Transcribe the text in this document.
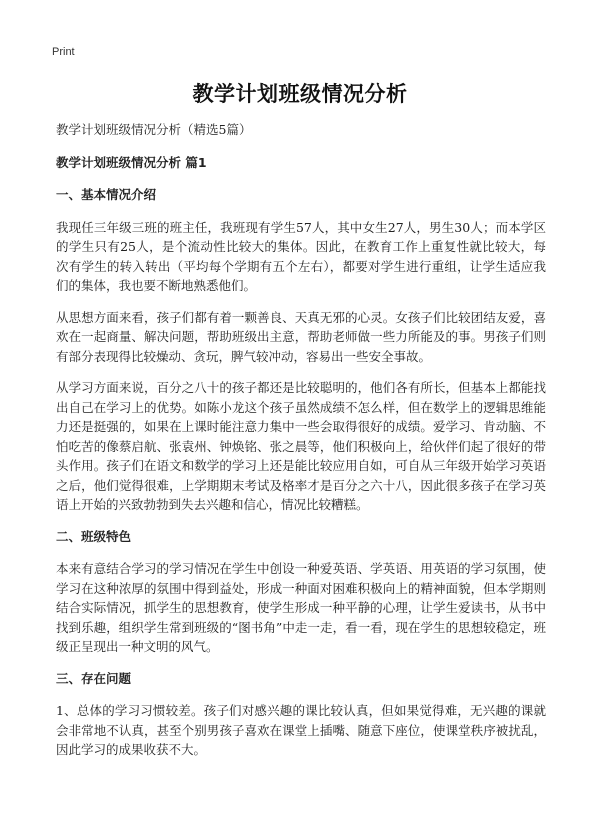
Print
教学计划班级情况分析

教学计划班级情况分析（精选5篇）

教学计划班级情况分析 篇1

一、基本情况介绍

我现任三年级三班的班主任，我班现有学生57人，其中女生27人，男生30人；而本学区的学生只有25人，是个流动性比较大的集体。因此，在教育工作上重复性就比较大，每次有学生的转入转出（平均每个学期有五个左右），都要对学生进行重组，让学生适应我们的集体，我也要不断地熟悉他们。

从思想方面来看，孩子们都有着一颗善良、天真无邪的心灵。女孩子们比较团结友爱，喜欢在一起商量、解决问题，帮助班级出主意，帮助老师做一些力所能及的事。男孩子们则有部分表现得比较燥动、贪玩，脾气较冲动，容易出一些安全事故。

从学习方面来说，百分之八十的孩子都还是比较聪明的，他们各有所长，但基本上都能找出自己在学习上的优势。如陈小龙这个孩子虽然成绩不怎么样，但在数学上的逻辑思维能力还是挺强的，如果在上课时能注意力集中一些会取得很好的成绩。爱学习、肯动脑、不怕吃苦的像蔡启航、张袁州、钟焕铭、张之晨等，他们积极向上，给伙伴们起了很好的带头作用。孩子们在语文和数学的学习上还是能比较应用自如，可自从三年级开始学习英语之后，他们觉得很难，上学期期末考试及格率才是百分之六十八，因此很多孩子在学习英语上开始的兴致勃勃到失去兴趣和信心，情况比较糟糕。

二、班级特色

本来有意结合学习的学习情况在学生中创设一种爱英语、学英语、用英语的学习氛围，使学习在这种浓厚的氛围中得到益处，形成一种面对困难积极向上的精神面貌，但本学期则结合实际情况，抓学生的思想教育，使学生形成一种平静的心理，让学生爱读书，从书中找到乐趣，组织学生常到班级的“图书角”中走一走，看一看，现在学生的思想较稳定，班级正呈现出一种文明的风气。

三、存在问题

1、总体的学习习惯较差。孩子们对感兴趣的课比较认真，但如果觉得难，无兴趣的课就会非常地不认真，甚至个别男孩子喜欢在课堂上插嘴、随意下座位，使课堂秩序被扰乱，因此学习的成果收获不大。
